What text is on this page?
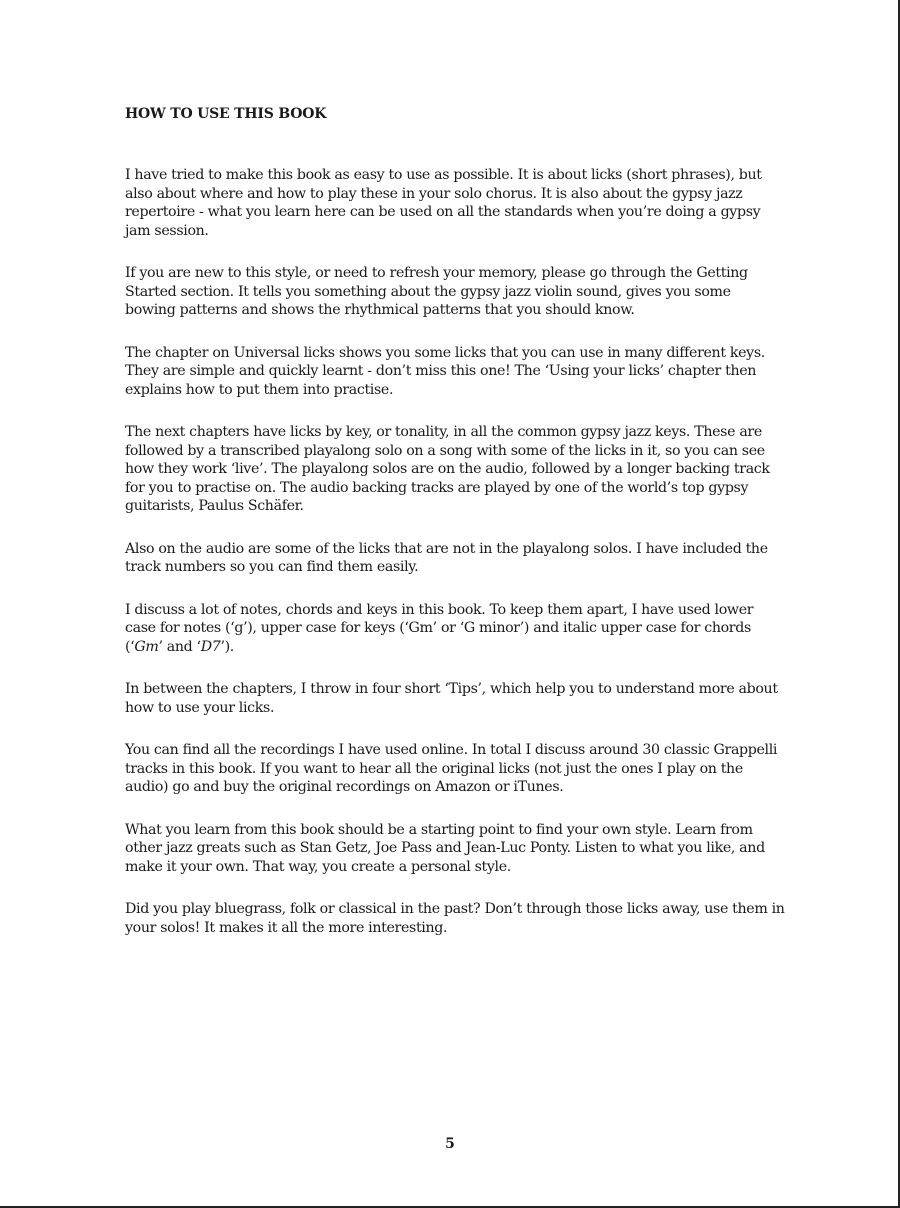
HOW TO USE THIS BOOK

I have tried to make this book as easy to use as possible. It is about licks (short phrases), but also about where and how to play these in your solo chorus. It is also about the gypsy jazz repertoire - what you learn here can be used on all the standards when you’re doing a gypsy jam session.

If you are new to this style, or need to refresh your memory, please go through the Getting Started section. It tells you something about the gypsy jazz violin sound, gives you some bowing patterns and shows the rhythmical patterns that you should know.

The chapter on Universal licks shows you some licks that you can use in many different keys. They are simple and quickly learnt - don’t miss this one! The ‘Using your licks’ chapter then explains how to put them into practise.

The next chapters have licks by key, or tonality, in all the common gypsy jazz keys. These are followed by a transcribed playalong solo on a song with some of the licks in it, so you can see how they work ‘live’. The playalong solos are on the audio, followed by a longer backing track for you to practise on. The audio backing tracks are played by one of the world’s top gypsy guitarists, Paulus Schäfer.

Also on the audio are some of the licks that are not in the playalong solos. I have included the track numbers so you can find them easily.

I discuss a lot of notes, chords and keys in this book. To keep them apart, I have used lower case for notes (‘g’), upper case for keys (‘Gm’ or ‘G minor’) and italic upper case for chords (‘Gm’ and ‘D7’).

In between the chapters, I throw in four short ‘Tips’, which help you to understand more about how to use your licks.

You can find all the recordings I have used online. In total I discuss around 30 classic Grappelli tracks in this book. If you want to hear all the original licks (not just the ones I play on the audio) go and buy the original recordings on Amazon or iTunes.

What you learn from this book should be a starting point to find your own style. Learn from other jazz greats such as Stan Getz, Joe Pass and Jean-Luc Ponty. Listen to what you like, and make it your own. That way, you create a personal style.

Did you play bluegrass, folk or classical in the past? Don’t through those licks away, use them in your solos! It makes it all the more interesting.

5
